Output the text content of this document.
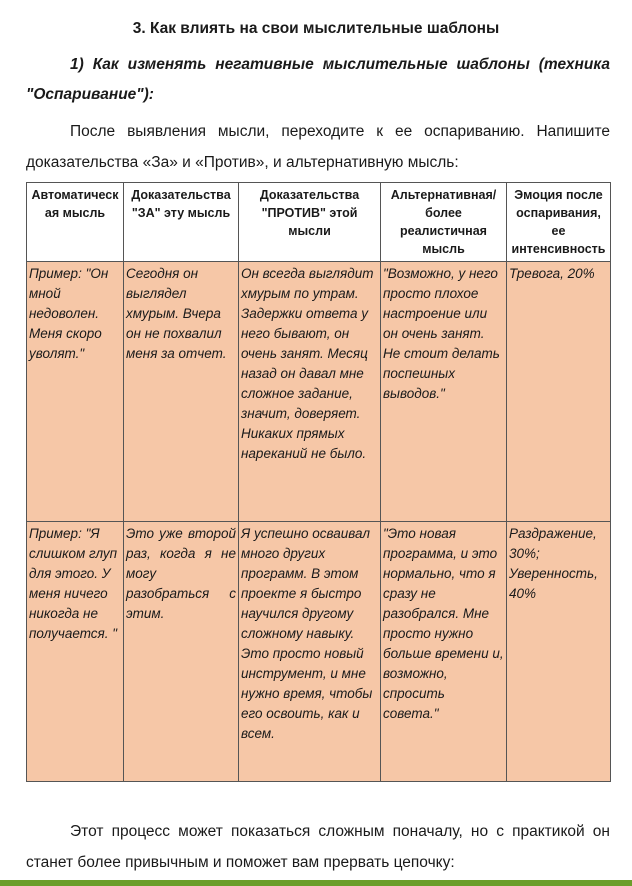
3. Как влиять на свои мыслительные шаблоны
1) Как изменять негативные мыслительные шаблоны (техника "Оспаривание"):
После выявления мысли, переходите к ее оспариванию. Напишите доказательства «За» и «Против», и альтернативную мысль:
Автоматическ ая мысль	Доказательства "ЗА" эту мысль	Доказательства "ПРОТИВ" этой мысли	Альтернативная/ более реалистичная мысль	Эмоция после оспаривания, ее интенсивность
Пример: "Он мной недоволен. Меня скоро уволят."	Сегодня он выглядел хмурым. Вчера он не похвалил меня за отчет.	Он всегда выглядит хмурым по утрам. Задержки ответа у него бывают, он очень занят. Месяц назад он давал мне сложное задание, значит, доверяет. Никаких прямых нареканий не было.	"Возможно, у него просто плохое настроение или он очень занят. Не стоит делать поспешных выводов."	Тревога, 20%
Пример: "Я слишком глуп для этого. У меня ничего никогда не получается. "	Это уже второй раз, когда я не могу разобраться с этим.	Я успешно осваивал много других программ. В этом проекте я быстро научился другому сложному навыку. Это просто новый инструмент, и мне нужно время, чтобы его освоить, как и всем.	"Это новая программа, и это нормально, что я сразу не разобрался. Мне просто нужно больше времени и, возможно, спросить совета."	Раздражение, 30%; Уверенность, 40%
Этот процесс может показаться сложным поначалу, но с практикой он станет более привычным и поможет вам прервать цепочку:
